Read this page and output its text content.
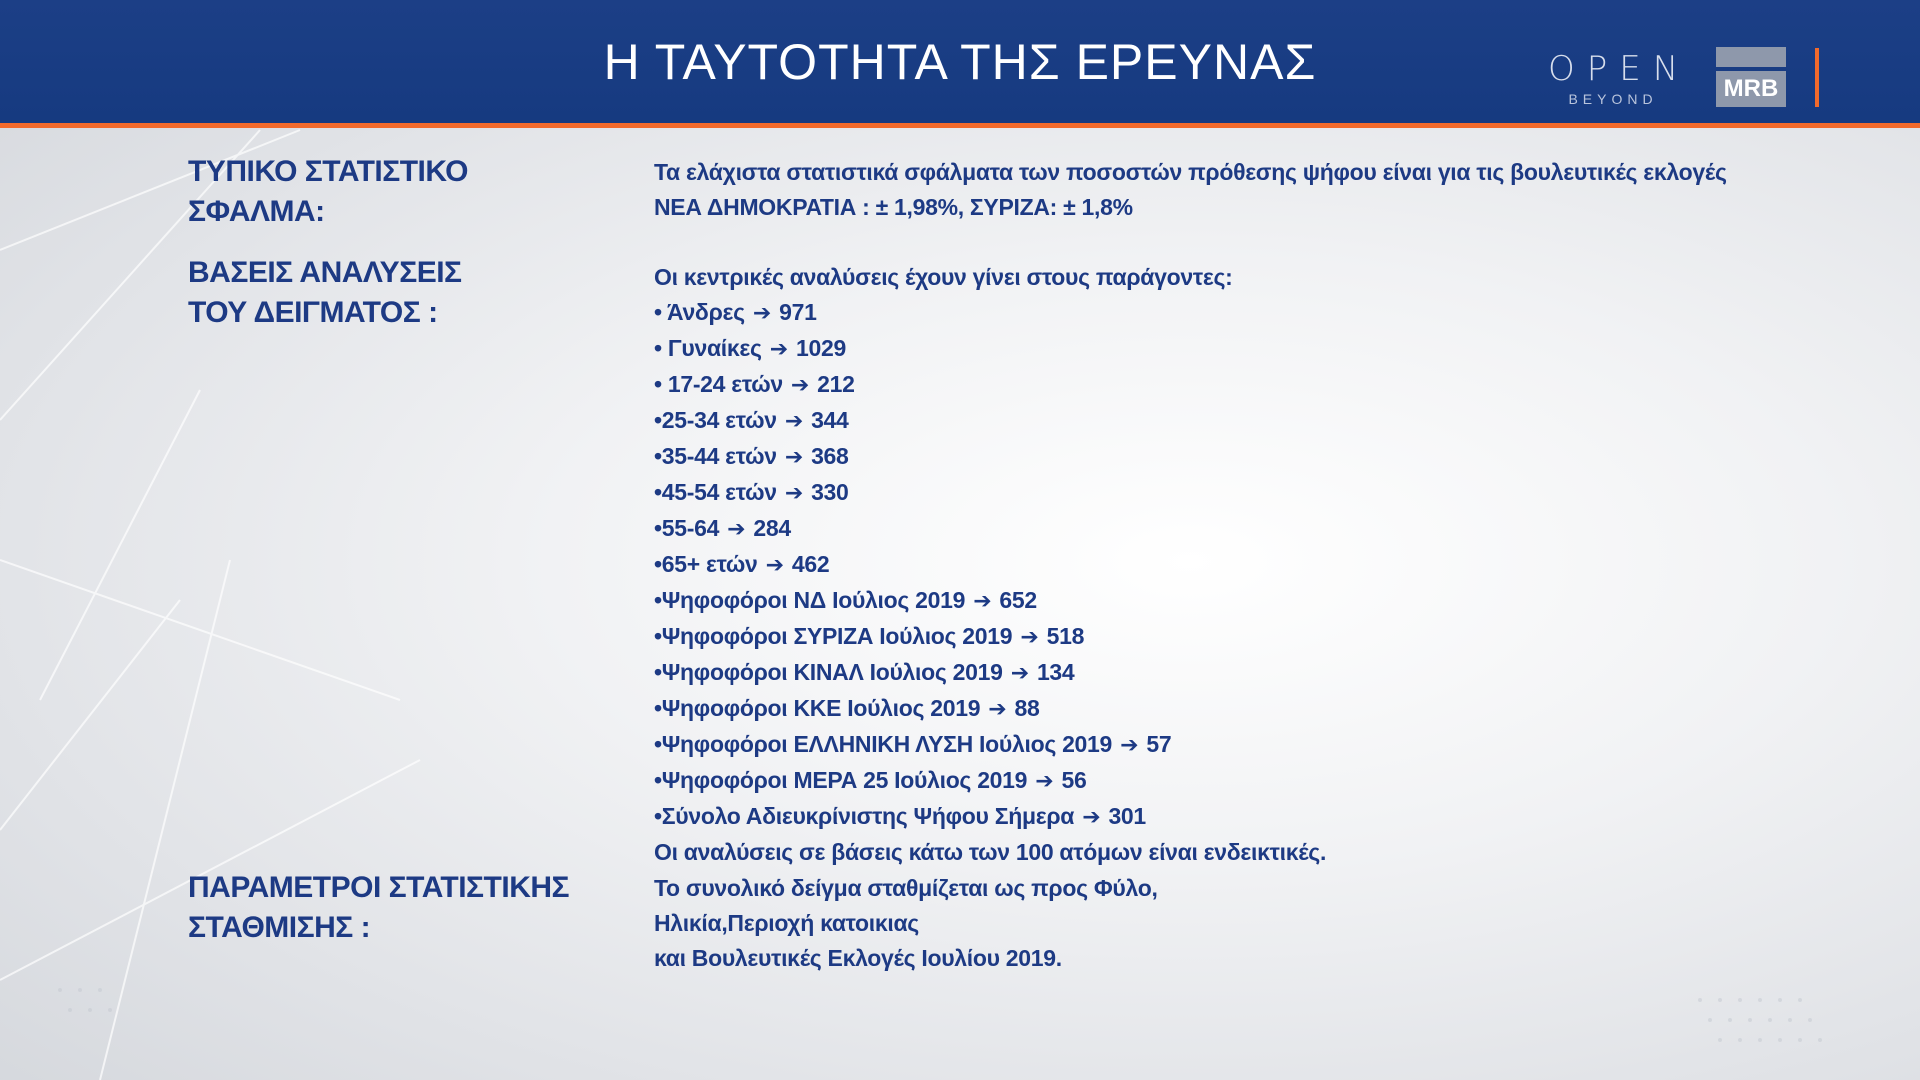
Η ΤΑΥΤΟΤΗΤΑ ΤΗΣ ΕΡΕΥΝΑΣ	OPEN
BEYOND	MRB
ΤΥΠΙΚΟ ΣΤΑΤΙΣΤΙΚΟ
ΣΦΑΛΜΑ:
Τα ελάχιστα στατιστικά σφάλματα των ποσοστών πρόθεσης ψήφου είναι για τις βουλευτικές εκλογές
ΝΕΑ ΔΗΜΟΚΡΑΤΙΑ : ± 1,98%, ΣΥΡΙΖΑ: ± 1,8%
ΒΑΣΕΙΣ ΑΝΑΛΥΣΕΙΣ
ΤΟΥ ΔΕΙΓΜΑΤΟΣ :
Οι κεντρικές αναλύσεις έχουν γίνει στους παράγοντες:
• Άνδρες ➔ 971
• Γυναίκες ➔ 1029
• 17-24 ετών ➔ 212
•25-34 ετών ➔ 344
•35-44 ετών ➔ 368
•45-54 ετών ➔ 330
•55-64 ➔ 284
•65+ ετών ➔ 462
•Ψηφοφόροι ΝΔ Ιούλιος 2019 ➔ 652
•Ψηφοφόροι ΣΥΡΙΖΑ Ιούλιος 2019 ➔ 518
•Ψηφοφόροι ΚΙΝΑΛ Ιούλιος 2019 ➔ 134
•Ψηφοφόροι ΚΚΕ Ιούλιος 2019 ➔ 88
•Ψηφοφόροι ΕΛΛΗΝΙΚΗ ΛΥΣΗ Ιούλιος 2019 ➔ 57
•Ψηφοφόροι ΜΕΡΑ 25 Ιούλιος 2019 ➔ 56
•Σύνολο Αδιευκρίνιστης Ψήφου Σήμερα ➔ 301
Οι αναλύσεις σε βάσεις κάτω των 100 ατόμων είναι ενδεικτικές.
ΠΑΡΑΜΕΤΡΟΙ ΣΤΑΤΙΣΤΙΚΗΣ
ΣΤΑΘΜΙΣΗΣ :
Το συνολικό δείγμα σταθμίζεται ως προς Φύλο,
Ηλικία,Περιοχή κατοικιας
και Βουλευτικές Εκλογές Ιουλίου 2019.
